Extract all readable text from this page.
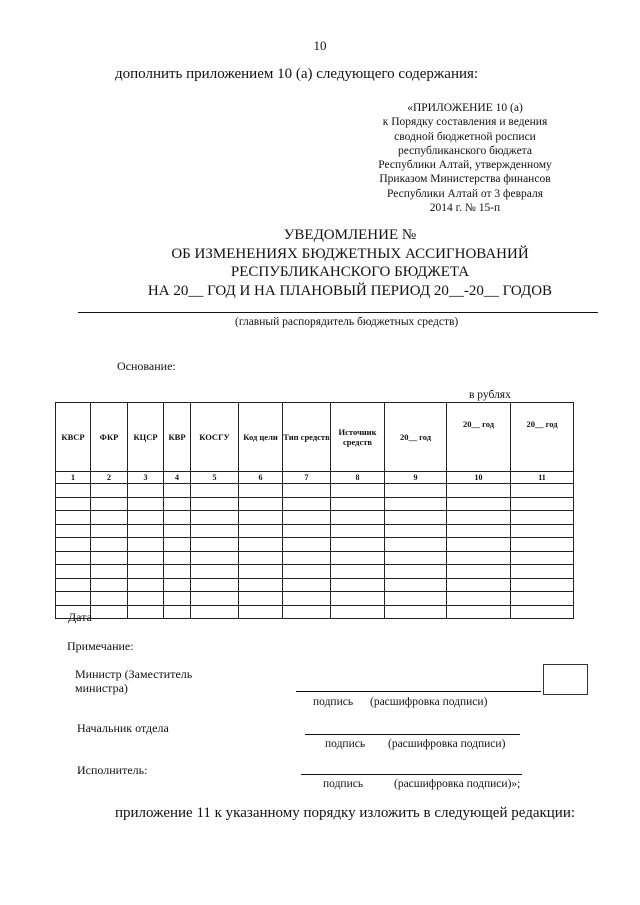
10
дополнить приложением 10 (а) следующего содержания:
«ПРИЛОЖЕНИЕ 10 (а)
к Порядку составления и ведения
сводной бюджетной росписи
республиканского бюджета
Республики Алтай, утвержденному
Приказом Министерства финансов
Республики Алтай от 3 февраля
2014 г. № 15-п
УВЕДОМЛЕНИЕ №
ОБ ИЗМЕНЕНИЯХ БЮДЖЕТНЫХ АССИГНОВАНИЙ
РЕСПУБЛИКАНСКОГО БЮДЖЕТА
НА 20__ ГОД И НА ПЛАНОВЫЙ ПЕРИОД 20__-20__ ГОДОВ
(главный распорядитель бюджетных средств)
Основание:
в рублях
КВСР	ФКР	КЦСР	КВР	КОСГУ	Код цели	Тип средств	Источник средств	20__ год	20__ год	20__ год
1	2	3	4	5	6	7	8	9	10	11

Дата
Примечание:
Министр (Заместитель
министра)
подпись (расшифровка подписи)
Начальник отдела
подпись (расшифровка подписи)
Исполнитель:
подпись	(расшифровка подписи)»;
приложение 11 к указанному порядку изложить в следующей редакции:
